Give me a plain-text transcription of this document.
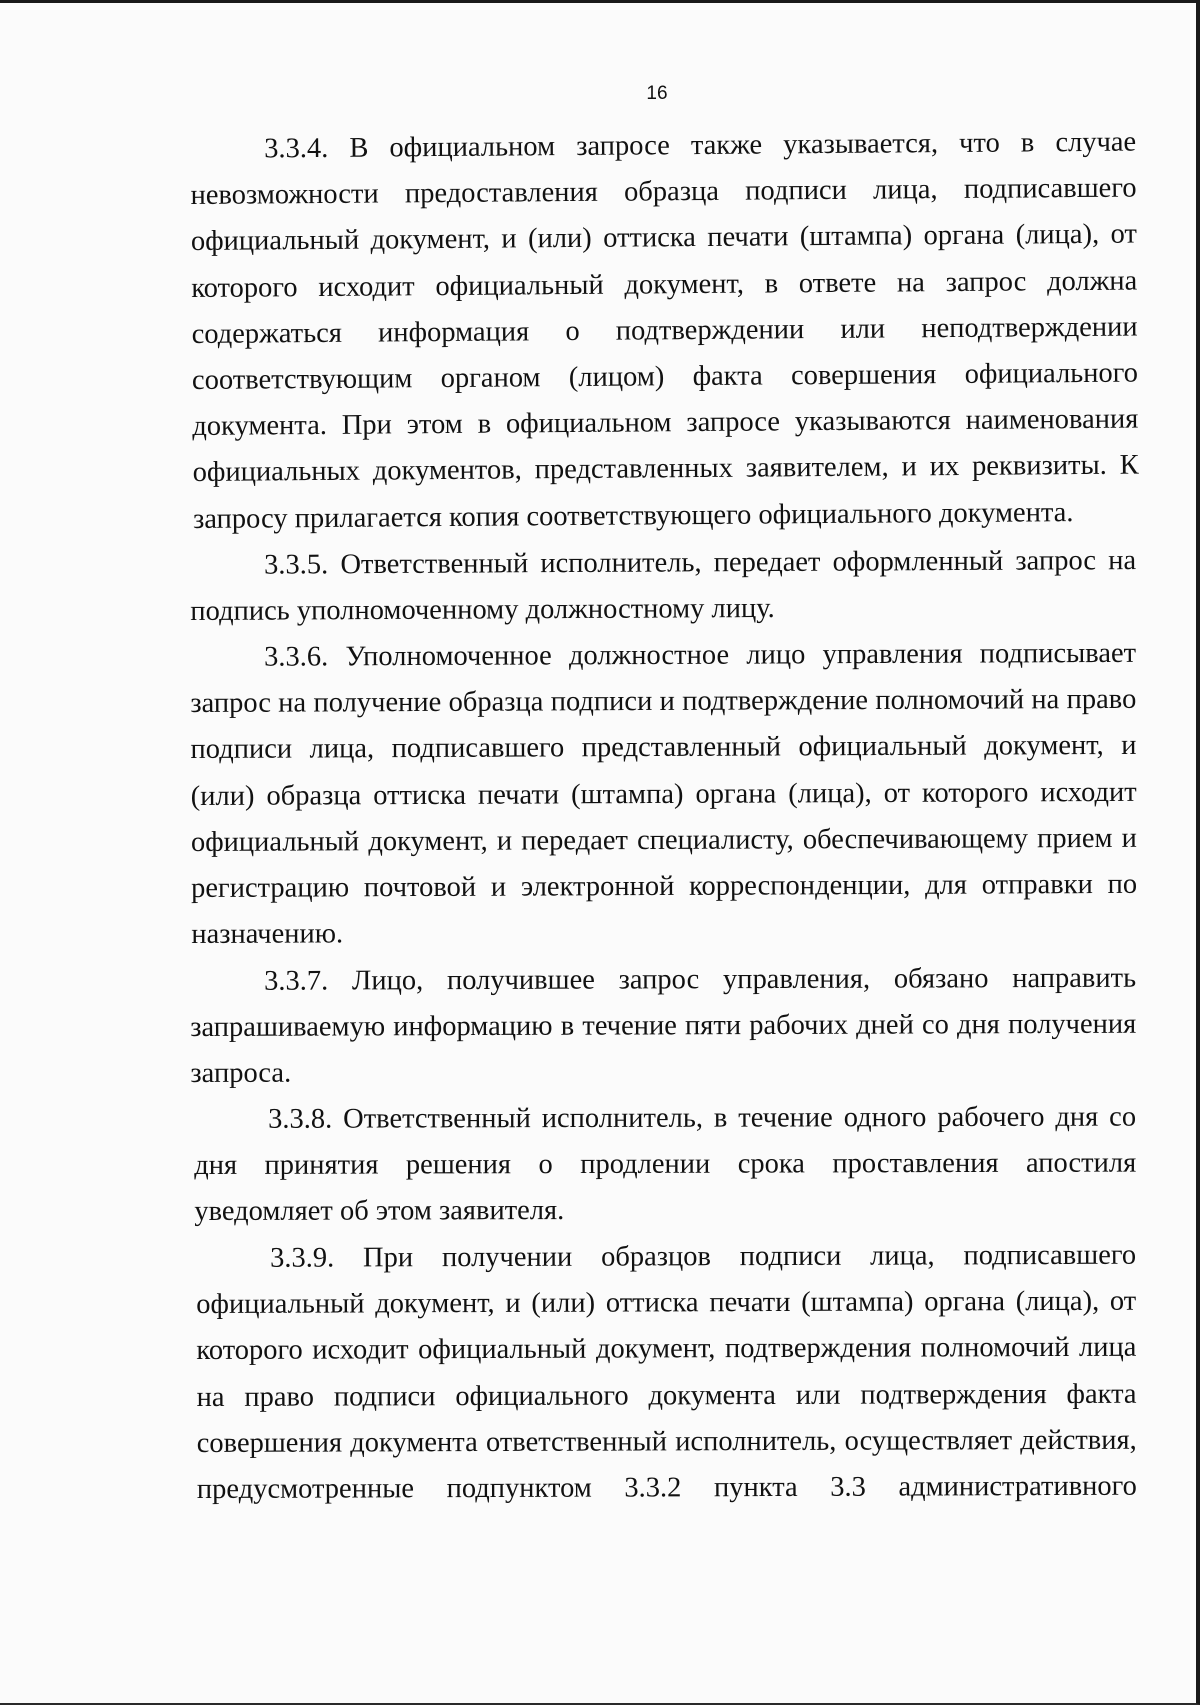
16

3.3.4. В официальном запросе также указывается, что в случае невозможности предоставления образца подписи лица, подписавшего официальный документ, и (или) оттиска печати (штампа) органа (лица), от которого исходит официальный документ, в ответе на запрос должна содержаться информация о подтверждении или неподтверждении соответствующим органом (лицом) факта совершения официального документа. При этом в официальном запросе указываются наименования официальных документов, представленных заявителем, и их реквизиты. К запросу прилагается копия соответствующего официального документа.

3.3.5. Ответственный исполнитель, передает оформленный запрос на подпись уполномоченному должностному лицу.

3.3.6. Уполномоченное должностное лицо управления подписывает запрос на получение образца подписи и подтверждение полномочий на право подписи лица, подписавшего представленный официальный документ, и (или) образца оттиска печати (штампа) органа (лица), от которого исходит официальный документ, и передает специалисту, обеспечивающему прием и регистрацию почтовой и электронной корреспонденции, для отправки по назначению.

3.3.7. Лицо, получившее запрос управления, обязано направить запрашиваемую информацию в течение пяти рабочих дней со дня получения запроса.

3.3.8. Ответственный исполнитель, в течение одного рабочего дня со дня принятия решения о продлении срока проставления апостиля уведомляет об этом заявителя.

3.3.9. При получении образцов подписи лица, подписавшего официальный документ, и (или) оттиска печати (штампа) органа (лица), от которого исходит официальный документ, подтверждения полномочий лица на право подписи официального документа или подтверждения факта совершения документа ответственный исполнитель, осуществляет действия, предусмотренные подпунктом 3.3.2 пункта 3.3 административного
